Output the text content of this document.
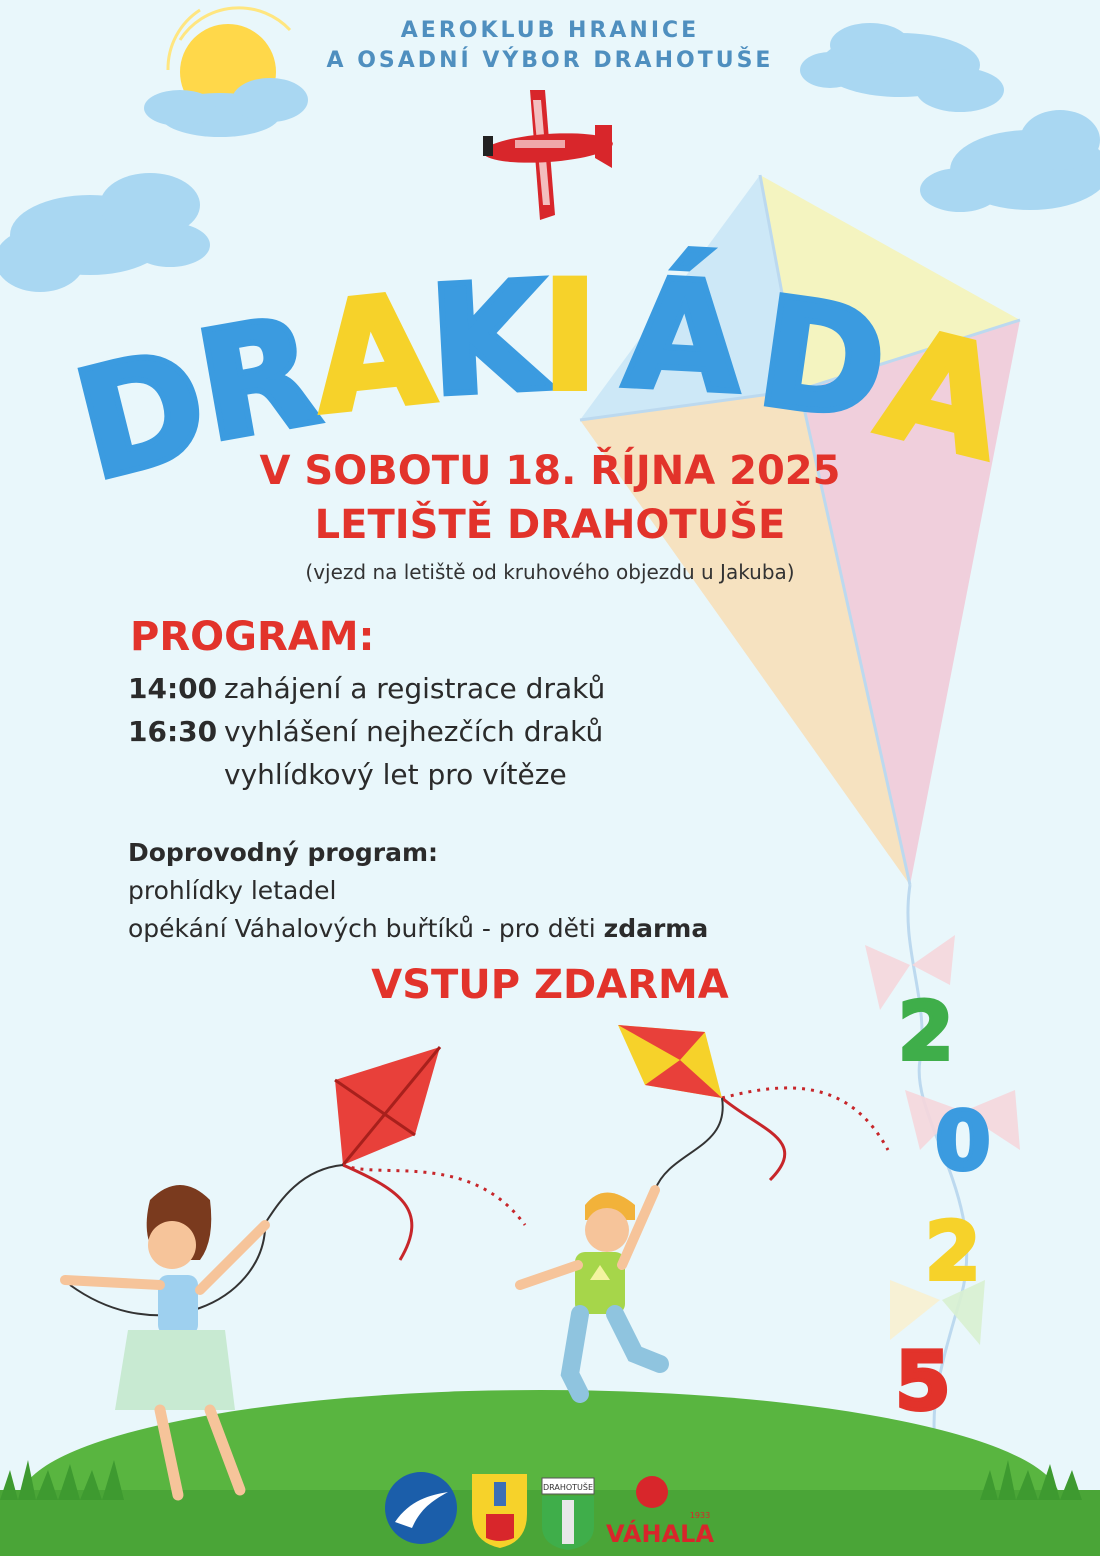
AEROKLUB HRANICE
A OSADNÍ VÝBOR DRAHOTUŠE
D
R
A
K
I Á D
A
V SOBOTU 18. ŘÍJNA 2025
LETIŠTĚ DRAHOTUŠE
(vjezd na letiště od kruhového objezdu u Jakuba)
PROGRAM:
14:00 zahájení a registrace draků
16:30 vyhlášení nejhezčích draků
vyhlídkový let pro vítěze
Doprovodný program:
prohlídky letadel
opékání Váhalových buřtíků - pro děti zdarma
VSTUP ZDARMA	2
0
2
5
DRAHOTUŠE
VÁHALA
1933
